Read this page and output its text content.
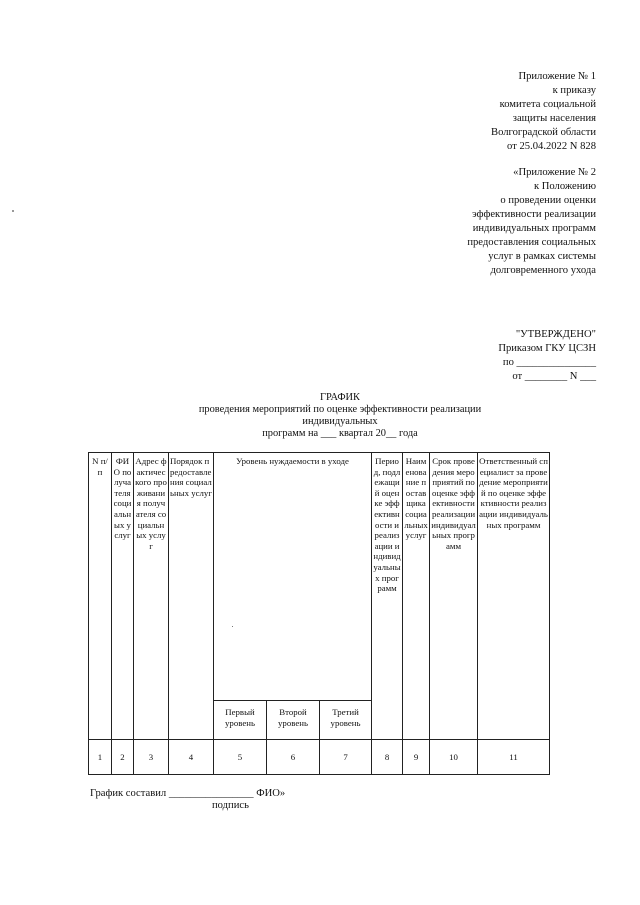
Приложение № 1
к приказу
комитета социальной
защиты населения
Волгоградской области
от 25.04.2022 N 828
«Приложение № 2
к Положению
о проведении оценки
эффективности реализации
индивидуальных программ
предоставления социальных
услуг в рамках системы
долговременного ухода
"УТВЕРЖДЕНО"
Приказом ГКУ ЦСЗН
по _______________
от ________ N ___
ГРАФИК
проведения мероприятий по оценке эффективности реализации
индивидуальных
программ на ___ квартал 20__ года
N п/п	ФИО получателя социальных услуг	Адрес фактического проживания получателя социальных услуг	Порядок предоставления социальных услуг	Уровень нуждаемости в уходе			Период, подлежащий оценке эффективности и реализации индивидуальных программ	Наименование поставщика социальных услуг	Срок проведения мероприятий по оценке эффективности реализации индивидуальных программ	Ответственный специалист за проведение мероприятий по оценке эффективности реализации индивидуальных программ
				Первый уровень	Второй уровень	Третий уровень				
1	2	3	4	5	6	7	8	9	10	11
График составил ________________ ФИО»
подпись
